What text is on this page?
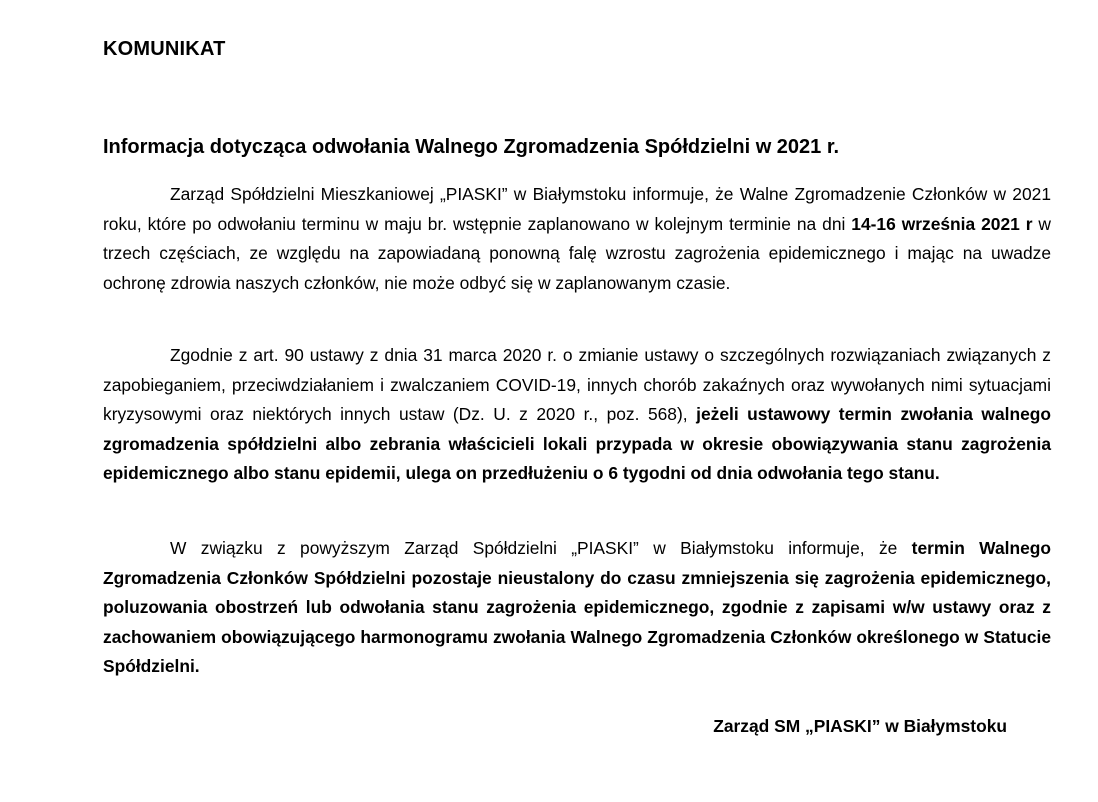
KOMUNIKAT
Informacja dotycząca odwołania Walnego Zgromadzenia Spółdzielni w 2021 r.

Zarząd Spółdzielni Mieszkaniowej „PIASKI” w Białymstoku informuje, że Walne Zgromadzenie Członków w 2021 roku, które po odwołaniu terminu w maju br. wstępnie zaplanowano w kolejnym terminie na dni 14-16 września 2021 r w trzech częściach, ze względu na zapowiadaną ponowną falę wzrostu zagrożenia epidemicznego i mając na uwadze ochronę zdrowia naszych członków, nie może odbyć się w zaplanowanym czasie.

Zgodnie z art. 90 ustawy z dnia 31 marca 2020 r. o zmianie ustawy o szczególnych rozwiązaniach związanych z zapobieganiem, przeciwdziałaniem i zwalczaniem COVID-19, innych chorób zakaźnych oraz wywołanych nimi sytuacjami kryzysowymi oraz niektórych innych ustaw (Dz. U. z 2020 r., poz. 568), jeżeli ustawowy termin zwołania walnego zgromadzenia spółdzielni albo zebrania właścicieli lokali przypada w okresie obowiązywania stanu zagrożenia epidemicznego albo stanu epidemii, ulega on przedłużeniu o 6 tygodni od dnia odwołania tego stanu.

W związku z powyższym Zarząd Spółdzielni „PIASKI” w Białymstoku informuje, że termin Walnego Zgromadzenia Członków Spółdzielni pozostaje nieustalony do czasu zmniejszenia się zagrożenia epidemicznego, poluzowania obostrzeń lub odwołania stanu zagrożenia epidemicznego, zgodnie z zapisami w/w ustawy oraz z zachowaniem obowiązującego harmonogramu zwołania Walnego Zgromadzenia Członków określonego w Statucie Spółdzielni.

Zarząd SM „PIASKI” w Białymstoku
